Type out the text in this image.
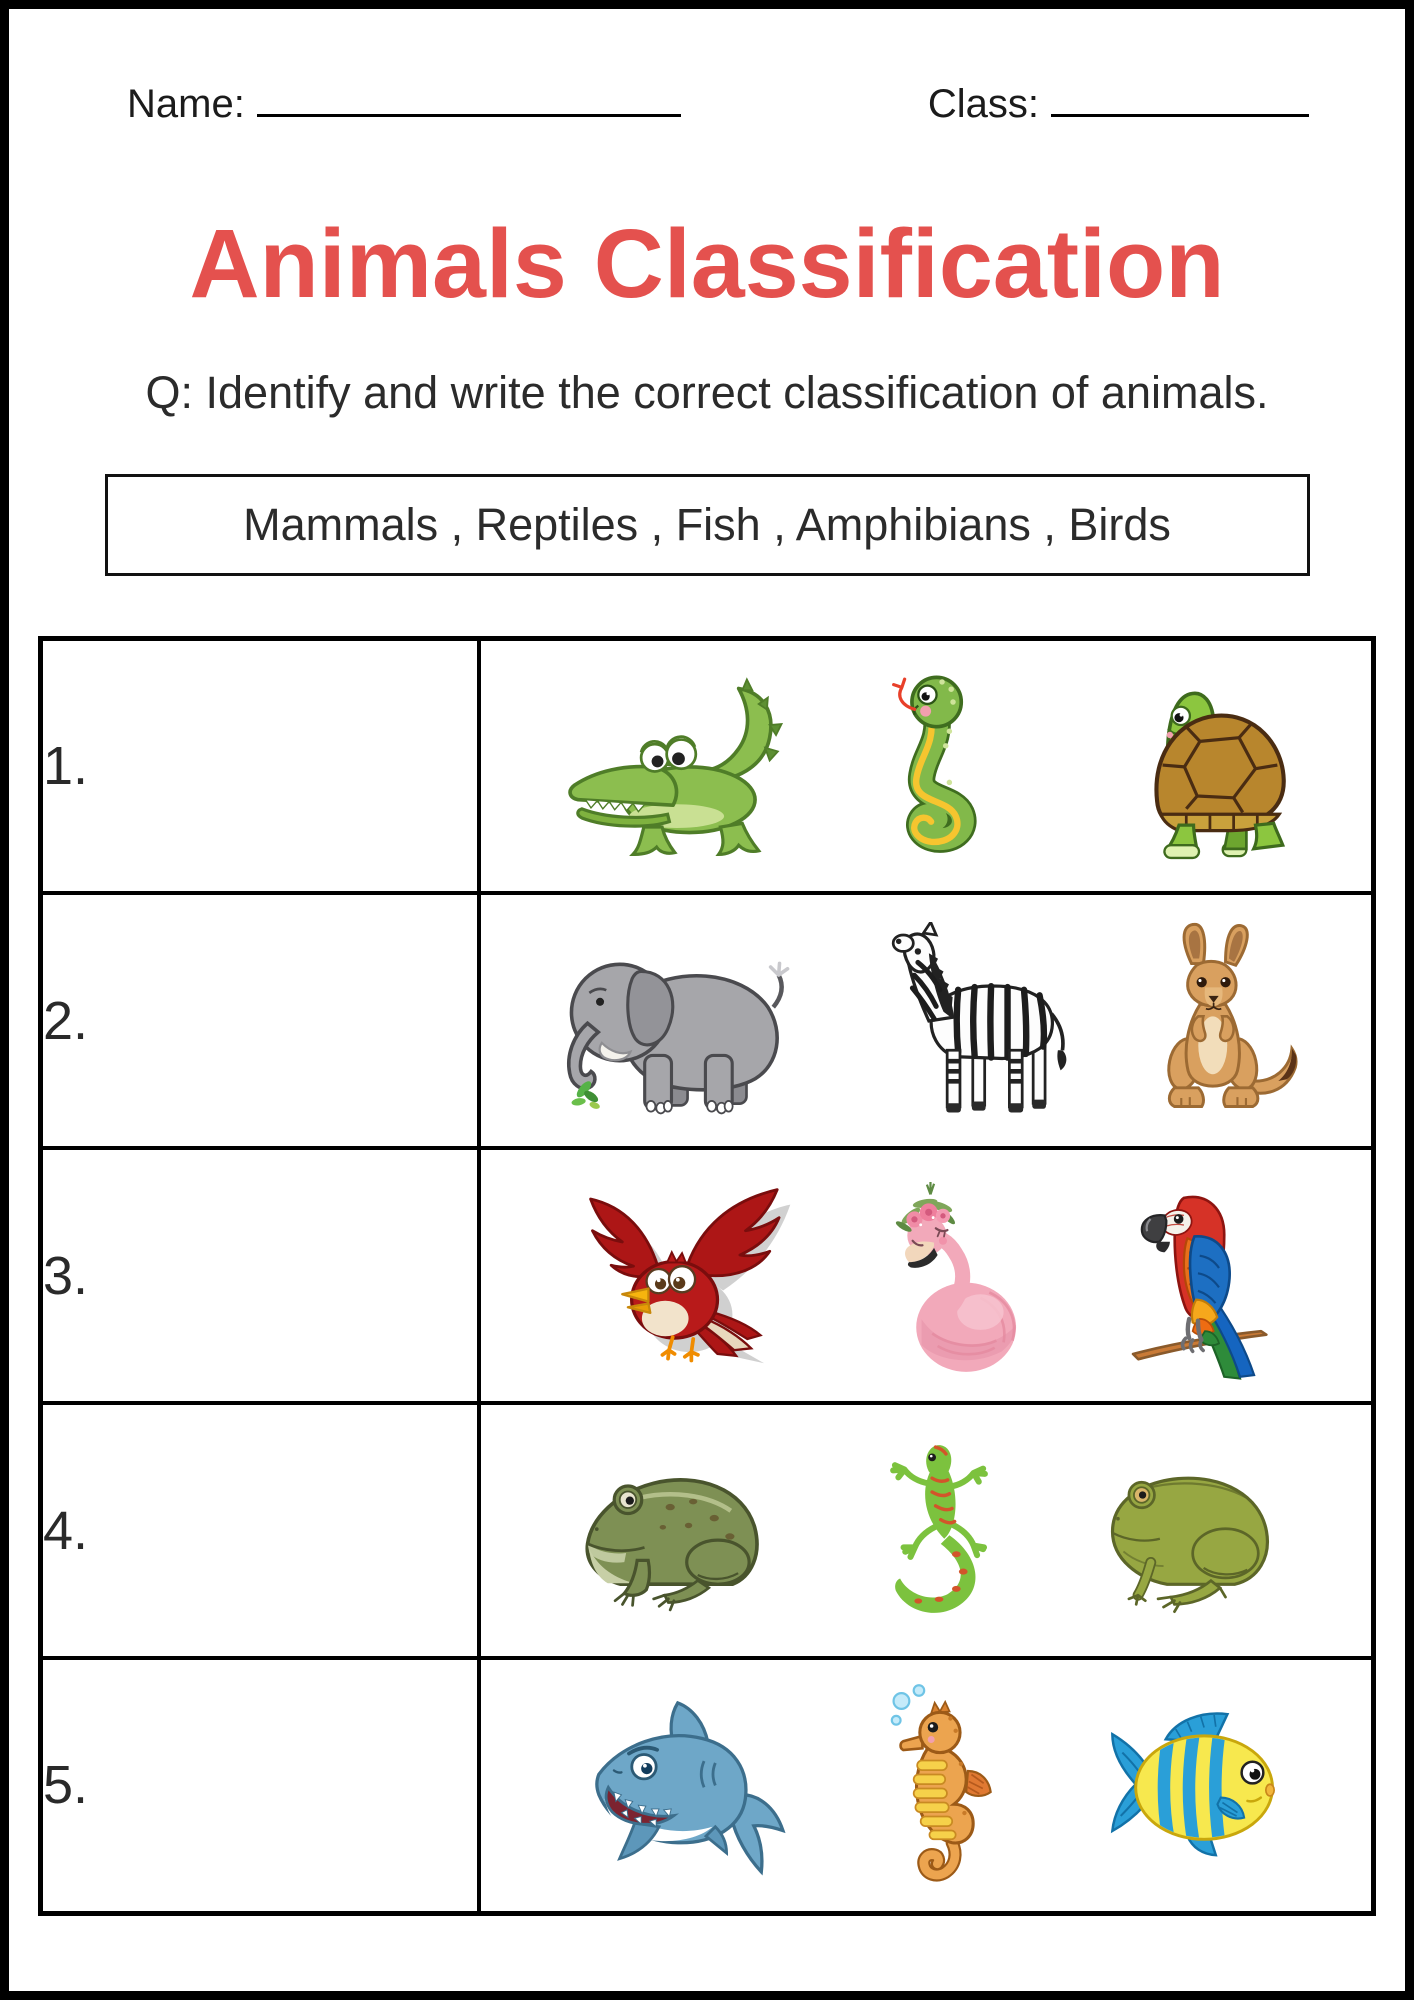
Name:	Class:
Animals Classification
Q: Identify and write the correct classification of animals.
Mammals , Reptiles , Fish , Amphibians , Birds
1.	

2.	

3.	

4.	

5.	
